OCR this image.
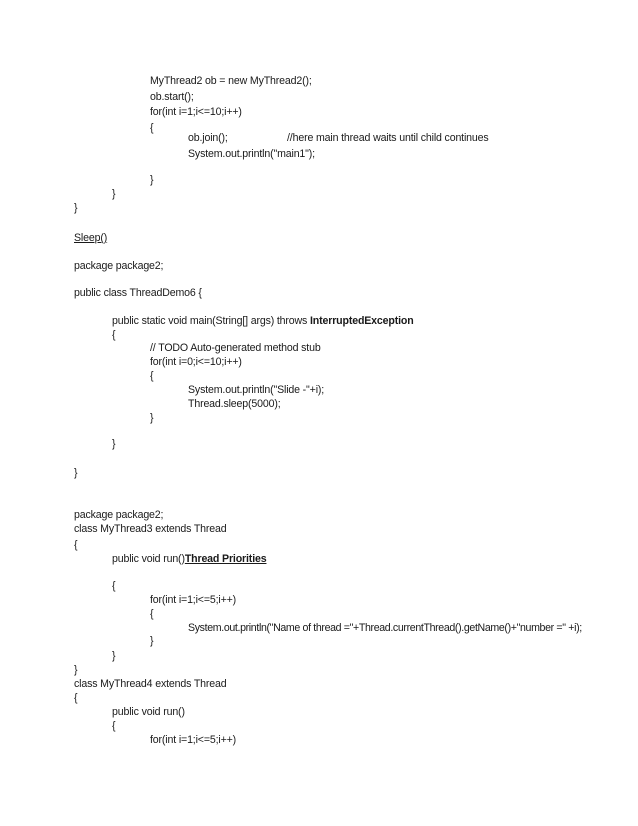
MyThread2 ob = new MyThread2();
ob.start();
for(int i=1;i<=10;i++)
{
ob.join();	//here main thread waits until child continues
System.out.println("main1");
}
}
}
Sleep()
package package2;
public class ThreadDemo6 {
public static void main(String[] args) throws InterruptedException
{
// TODO Auto-generated method stub
for(int i=0;i<=10;i++)
{
System.out.println("Slide -"+i);
Thread.sleep(5000);
}
}
}
package package2;
class MyThread3 extends Thread
{
public void run()Thread Priorities
{
for(int i=1;i<=5;i++)
{
System.out.println("Name of thread ="+Thread.currentThread().getName()+"number =" +i);
}
}
}
class MyThread4 extends Thread
{
public void run()
{
for(int i=1;i<=5;i++)
